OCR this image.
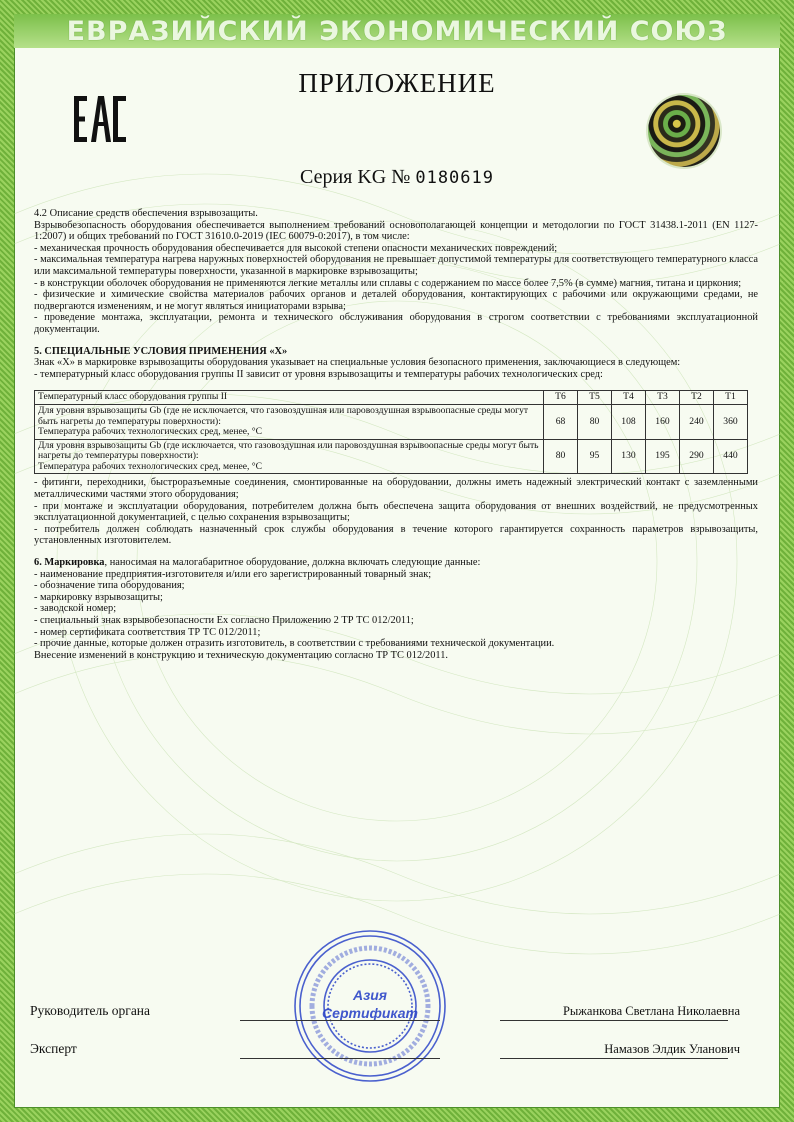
ЕВРАЗИЙСКИЙ ЭКОНОМИЧЕСКИЙ СОЮЗ
ПРИЛОЖЕНИЕ
Серия KG № 0180619

4.2 Описание средств обеспечения взрывозащиты.

Взрывобезопасность оборудования обеспечивается выполнением требований основополагающей концепции и методологии по ГОСТ 31438.1-2011 (EN 1127-1:2007) и общих требований по ГОСТ 31610.0-2019 (IEC 60079-0:2017), в том числе:

- механическая прочность оборудования обеспечивается для высокой степени опасности механических повреждений;

- максимальная температура нагрева наружных поверхностей оборудования не превышает допустимой температуры для соответствующего температурного класса или максимальной температуры поверхности, указанной в маркировке взрывозащиты;

- в конструкции оболочек оборудования не применяются легкие металлы или сплавы с содержанием по массе более 7,5% (в сумме) магния, титана и циркония;

- физические и химические свойства материалов рабочих органов и деталей оборудования, контактирующих с рабочими или окружающими средами, не подвергаются изменениям, и не могут являться инициаторами взрыва;

- проведение монтажа, эксплуатации, ремонта и технического обслуживания оборудования в строгом соответствии с требованиями эксплуатационной документации.

5. СПЕЦИАЛЬНЫЕ УСЛОВИЯ ПРИМЕНЕНИЯ «Х»

Знак «Х» в маркировке взрывозащиты оборудования указывает на специальные условия безопасного применения, заключающиеся в следующем:

- температурный класс оборудования группы II зависит от уровня взрывозащиты и температуры рабочих технологических сред:

Температурный класс оборудования группы II	Т6	Т5	Т4	Т3	Т2	Т1
Для уровня взрывозащиты Gb (где не исключается, что газовоздушная или паровоздушная взрывоопасные среды могут быть нагреты до температуры поверхности):
Температура рабочих технологических сред, менее, °С	68	80	108	160	240	360
Для уровня взрывозащиты Gb (где исключается, что газовоздушная или паровоздушная взрывоопасные среды могут быть нагреты до температуры поверхности):
Температура рабочих технологических сред, менее, °С	80	95	130	195	290	440

- фитинги, переходники, быстроразъемные соединения, смонтированные на оборудовании, должны иметь надежный электрический контакт с заземленными металлическими частями этого оборудования;

- при монтаже и эксплуатации оборудования, потребителем должна быть обеспечена защита оборудования от внешних воздействий, не предусмотренных эксплуатационной документацией, с целью сохранения взрывозащиты;

- потребитель должен соблюдать назначенный срок службы оборудования в течение которого гарантируется сохранность параметров взрывозащиты, установленных изготовителем.

6. Маркировка, наносимая на малогабаритное оборудование, должна включать следующие данные:

- наименование предприятия-изготовителя и/или его зарегистрированный товарный знак;

- обозначение типа оборудования;

- маркировку взрывозащиты;

- заводской номер;

- специальный знак взрывобезопасности Ex согласно Приложению 2 ТР ТС 012/2011;

- номер сертификата соответствия ТР ТС 012/2011;

- прочие данные, которые должен отразить изготовитель, в соответствии с требованиями технической документации.

Внесение изменений в конструкцию и техническую документацию согласно ТР ТС 012/2011.

Азия
Сертификат
Руководитель органа	Рыжанкова Светлана Николаевна
Эксперт	Намазов Элдик Уланович
